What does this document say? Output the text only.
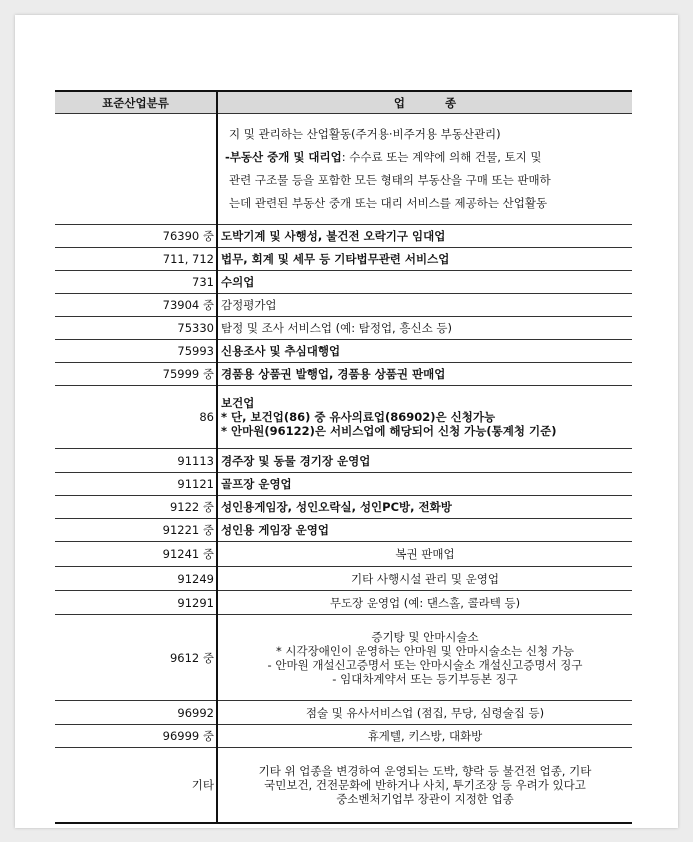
표준산업분류	업          종

	지 및 관리하는 산업활동(주거용·비주거용 부동산관리)
-부동산 중개 및 대리업: 수수료 또는 계약에 의해 건물, 토지 및
관련 구조물 등을 포함한 모든 형태의 부동산을 구매 또는 판매하
는데 관련된 부동산 중개 또는 대리 서비스를 제공하는 산업활동

76390 중	도박기계 및 사행성, 불건전 오락기구 임대업
711, 712	법무, 회계 및 세무 등 기타법무관련 서비스업
731	수의업
73904 중	감정평가업
75330	탐정 및 조사 서비스업 (예: 탐정업, 흥신소 등)
75993	신용조사 및 추심대행업
75999 중	경품용 상품권 발행업, 경품용 상품권 판매업
86	보건업
* 단, 보건업(86) 중 유사의료업(86902)은 신청가능
* 안마원(96122)은 서비스업에 해당되어 신청 가능(통계청 기준)

91113	경주장 및 동물 경기장 운영업
91121	골프장 운영업
9122 중	성인용게임장, 성인오락실, 성인PC방, 전화방
91221 중	성인용 게임장 운영업
91241 중	복권 판매업
91249	기타 사행시설 관리 및 운영업
91291	무도장 운영업 (예: 댄스홀, 콜라텍 등)
9612 중	증기탕 및 안마시술소
* 시각장애인이 운영하는 안마원 및 안마시술소는 신청 가능
- 안마원 개설신고증명서 또는 안마시술소 개설신고증명서 징구
- 임대차계약서 또는 등기부등본 징구

96992	점술 및 유사서비스업 (점집, 무당, 심령술집 등)
96999 중	휴게텔, 키스방, 대화방
기타	기타 위 업종을 변경하여 운영되는 도박, 향락 등 불건전 업종, 기타
국민보건, 건전문화에 반하거나 사치, 투기조장 등 우려가 있다고
중소벤처기업부 장관이 지정한 업종
